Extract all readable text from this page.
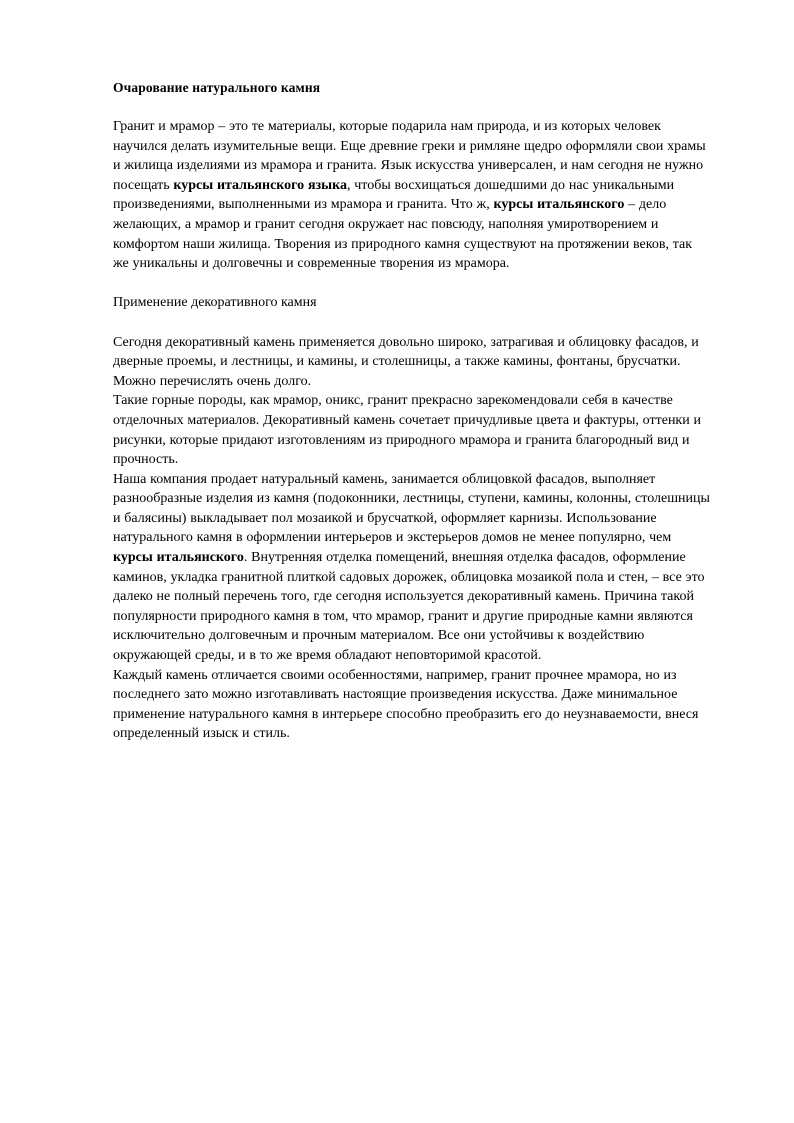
Очарование натурального камня

Гранит и мрамор – это те материалы, которые подарила нам природа, и из которых человек научился делать изумительные вещи. Еще древние греки и римляне щедро оформляли свои храмы и жилища изделиями из мрамора и гранита. Язык искусства универсален, и нам сегодня не нужно посещать курсы итальянского языка, чтобы восхищаться дошедшими до нас уникальными произведениями, выполненными из мрамора и гранита. Что ж, курсы итальянского – дело желающих, а мрамор и гранит сегодня окружает нас повсюду, наполняя умиротворением и комфортом наши жилища. Творения из природного камня существуют на протяжении веков, так же уникальны и долговечны и современные творения из мрамора.

Применение декоративного камня

Сегодня декоративный камень применяется довольно широко, затрагивая и облицовку фасадов, и дверные проемы, и лестницы, и камины, и столешницы, а также камины, фонтаны, брусчатки. Можно перечислять очень долго.

Такие горные породы, как мрамор, оникс, гранит прекрасно зарекомендовали себя в качестве отделочных материалов. Декоративный камень сочетает причудливые цвета и фактуры, оттенки и рисунки, которые придают изготовлениям из природного мрамора и гранита благородный вид и прочность.

Наша компания продает натуральный камень, занимается облицовкой фасадов, выполняет разнообразные изделия из камня (подоконники, лестницы, ступени, камины, колонны, столешницы и балясины) выкладывает пол мозаикой и брусчаткой, оформляет карнизы. Использование натурального камня в оформлении интерьеров и экстерьеров домов не менее популярно, чем курсы итальянского. Внутренняя отделка помещений, внешняя отделка фасадов, оформление каминов, укладка гранитной плиткой садовых дорожек, облицовка мозаикой пола и стен, – все это далеко не полный перечень того, где сегодня используется декоративный камень. Причина такой популярности природного камня в том, что мрамор, гранит и другие природные камни являются исключительно долговечным и прочным материалом. Все они устойчивы к воздействию окружающей среды, и в то же время обладают неповторимой красотой.

Каждый камень отличается своими особенностями, например, гранит прочнее мрамора, но из последнего зато можно изготавливать настоящие произведения искусства. Даже минимальное применение натурального камня в интерьере способно преобразить его до неузнаваемости, внеся определенный изыск и стиль.
